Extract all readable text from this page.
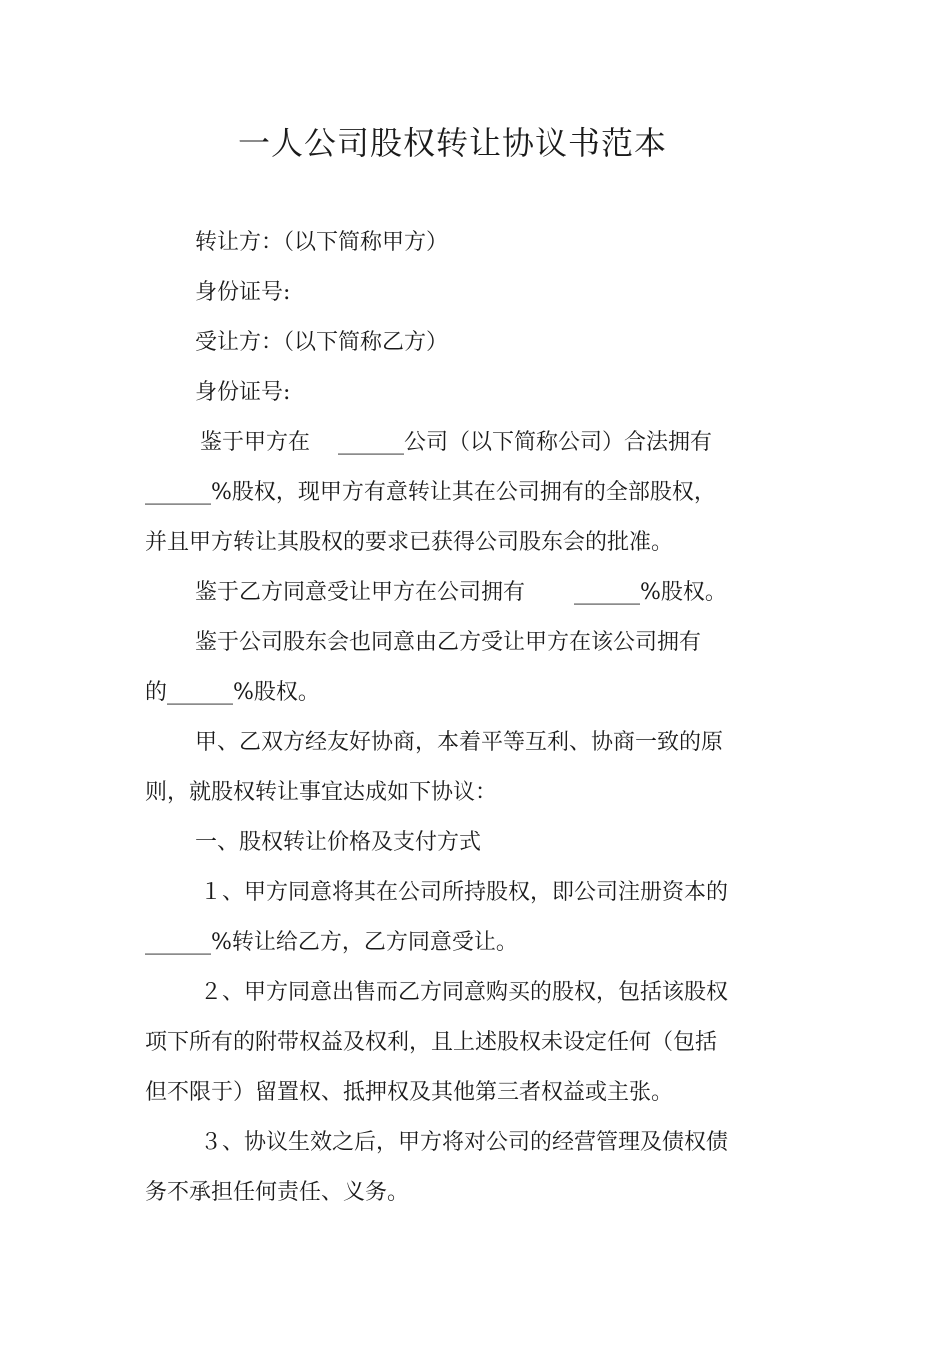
一人公司股权转让协议书范本
转让方：（以下简称甲方）
身份证号:
受让方：（以下简称乙方）
身份证号:
鉴于甲方在    ______公司（以下简称公司）合法拥有
______%股权，现甲方有意转让其在公司拥有的全部股权，
并且甲方转让其股权的要求已获得公司股东会的批准。
鉴于乙方同意受让甲方在公司拥有       ______%股权。
鉴于公司股东会也同意由乙方受让甲方在该公司拥有
的______%股权。
甲、乙双方经友好协商，本着平等互利、协商一致的原
则，就股权转让事宜达成如下协议：
一、股权转让价格及支付方式
１、甲方同意将其在公司所持股权，即公司注册资本的
______%转让给乙方，乙方同意受让。
２、甲方同意出售而乙方同意购买的股权，包括该股权
项下所有的附带权益及权利，且上述股权未设定任何（包括
但不限于）留置权、抵押权及其他第三者权益或主张。
３、协议生效之后，甲方将对公司的经营管理及债权债
务不承担任何责任、义务。
